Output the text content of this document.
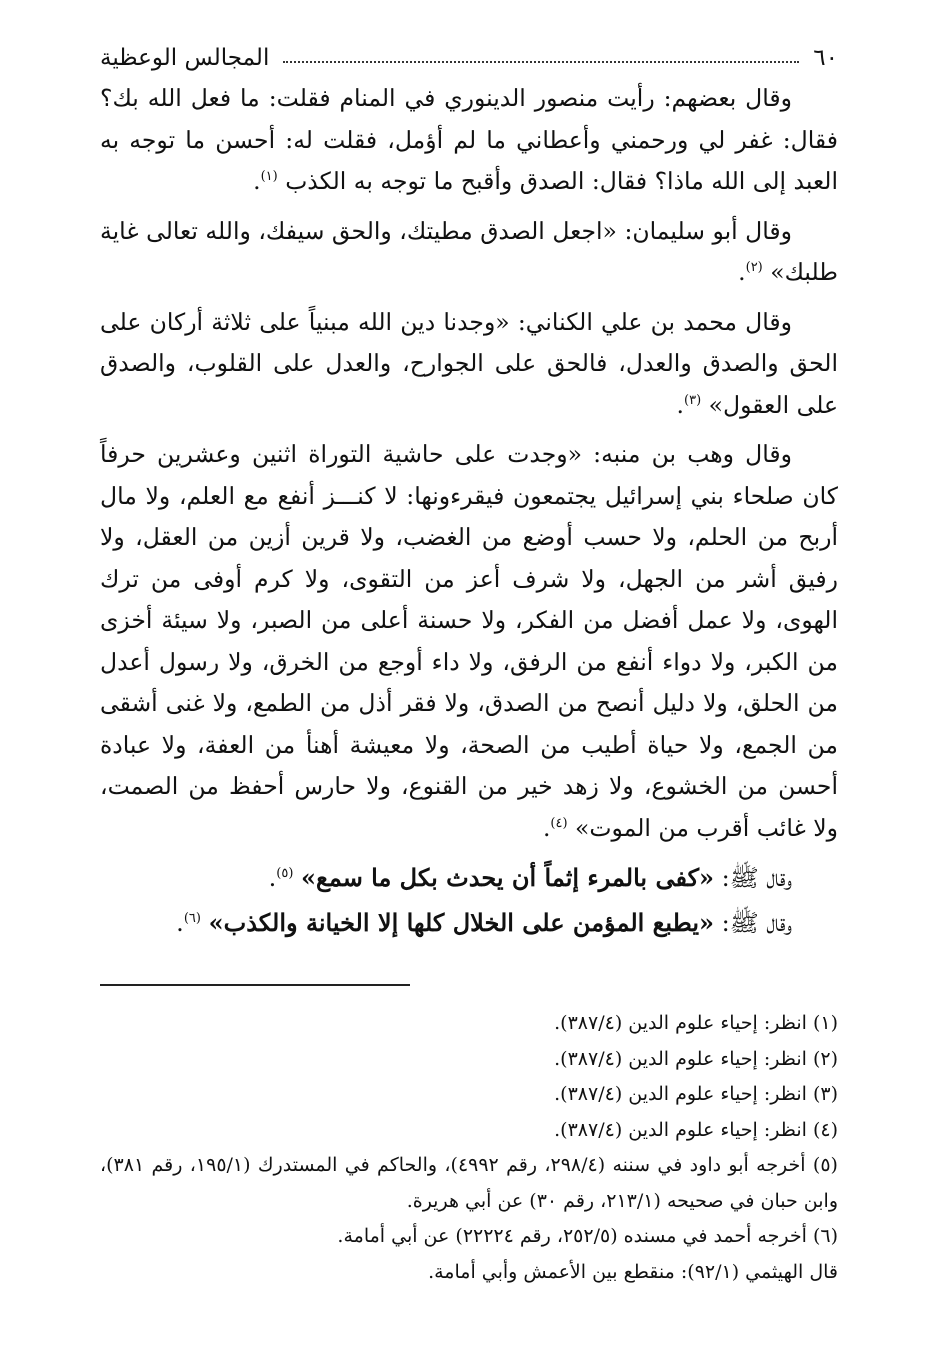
٦٠
المجالس الوعظية

وقال بعضهم: رأيت منصور الدينوري في المنام فقلت: ما فعل الله بك؟ فقال: غفر لي ورحمني وأعطاني ما لم أؤمل، فقلت له: أحسن ما توجه به العبد إلى الله ماذا؟ فقال: الصدق وأقبح ما توجه به الكذب $^{(١)}$.

وقال أبو سليمان: «اجعل الصدق مطيتك، والحق سيفك، والله تعالى غاية طلبك» $^{(٢)}$.

وقال محمد بن علي الكناني: «وجدنا دين الله مبنياً على ثلاثة أركان على الحق والصدق والعدل، فالحق على الجوارح، والعدل على القلوب، والصدق على العقول» $^{(٣)}$.

وقال وهب بن منبه: «وجدت على حاشية التوراة اثنين وعشرين حرفاً كان صلحاء بني إسرائيل يجتمعون فيقرءونها: لا كنـــز أنفع مع العلم، ولا مال أربح من الحلم، ولا حسب أوضع من الغضب، ولا قرين أزين من العقل، ولا رفيق أشر من الجهل، ولا شرف أعز من التقوى، ولا كرم أوفى من ترك الهوى، ولا عمل أفضل من الفكر، ولا حسنة أعلى من الصبر، ولا سيئة أخزى من الكبر، ولا دواء أنفع من الرفق، ولا داء أوجع من الخرق، ولا رسول أعدل من الحلق، ولا دليل أنصح من الصدق، ولا فقر أذل من الطمع، ولا غنى أشقى من الجمع، ولا حياة أطيب من الصحة، ولا معيشة أهنأ من العفة، ولا عبادة أحسن من الخشوع، ولا زهد خير من القنوع، ولا حارس أحفظ من الصمت، ولا غائب أقرب من الموت» $^{(٤)}$.

وقال ﷺ: «كفى بالمرء إثماً أن يحدث بكل ما سمع» $^{(٥)}$.

وقال ﷺ: «يطبع المؤمن على الخلال كلها إلا الخيانة والكذب» $^{(٦)}$.

(١) انظر: إحياء علوم الدين (٣٨٧/٤).

(٢) انظر: إحياء علوم الدين (٣٨٧/٤).

(٣) انظر: إحياء علوم الدين (٣٨٧/٤).

(٤) انظر: إحياء علوم الدين (٣٨٧/٤).

(٥) أخرجه أبو داود في سننه (٢٩٨/٤، رقم ٤٩٩٢)، والحاكم في المستدرك (١٩٥/١، رقم ٣٨١)، وابن حبان في صحيحه (٢١٣/١، رقم ٣٠) عن أبي هريرة.

(٦) أخرجه أحمد في مسنده (٢٥٢/٥، رقم ٢٢٢٢٤) عن أبي أمامة.

قال الهيثمي (٩٢/١): منقطع بين الأعمش وأبي أمامة.
